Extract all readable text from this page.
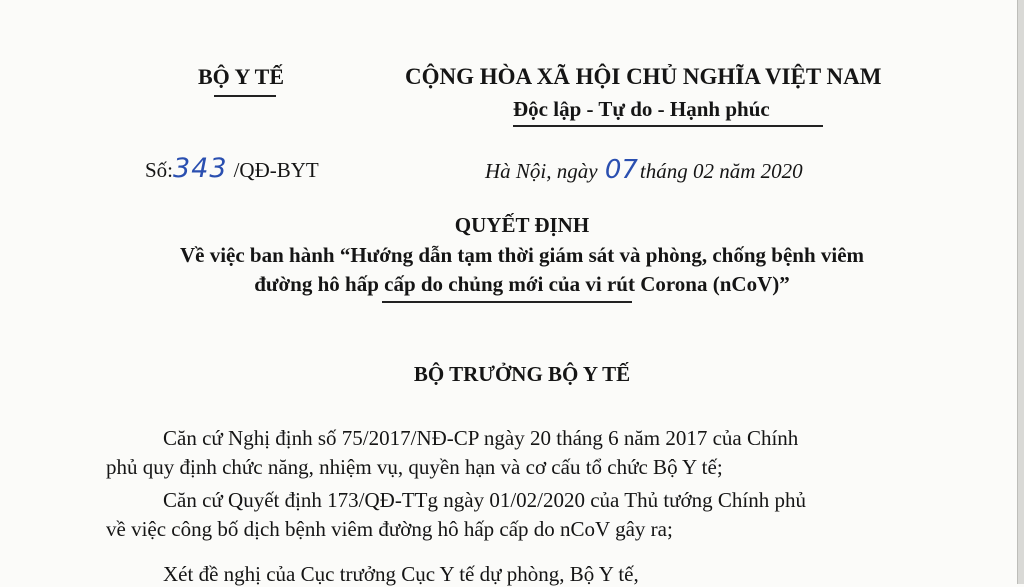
BỘ Y TẾ	CỘNG HÒA XÃ HỘI CHỦ NGHĨA VIỆT NAM
Độc lập - Tự do - Hạnh phúc
Số:343 /QĐ-BYT	Hà Nội, ngày 07tháng 02 năm 2020
QUYẾT ĐỊNH
Về việc ban hành “Hướng dẫn tạm thời giám sát và phòng, chống bệnh viêm
đường hô hấp cấp do chủng mới của vi rút Corona (nCoV)”
BỘ TRƯỞNG BỘ Y TẾ
Căn cứ Nghị định số 75/2017/NĐ-CP ngày 20 tháng 6 năm 2017 của Chính
phủ quy định chức năng, nhiệm vụ, quyền hạn và cơ cấu tổ chức Bộ Y tế;
Căn cứ Quyết định 173/QĐ-TTg ngày 01/02/2020 của Thủ tướng Chính phủ
về việc công bố dịch bệnh viêm đường hô hấp cấp do nCoV gây ra;
Xét đề nghị của Cục trưởng Cục Y tế dự phòng, Bộ Y tế,
